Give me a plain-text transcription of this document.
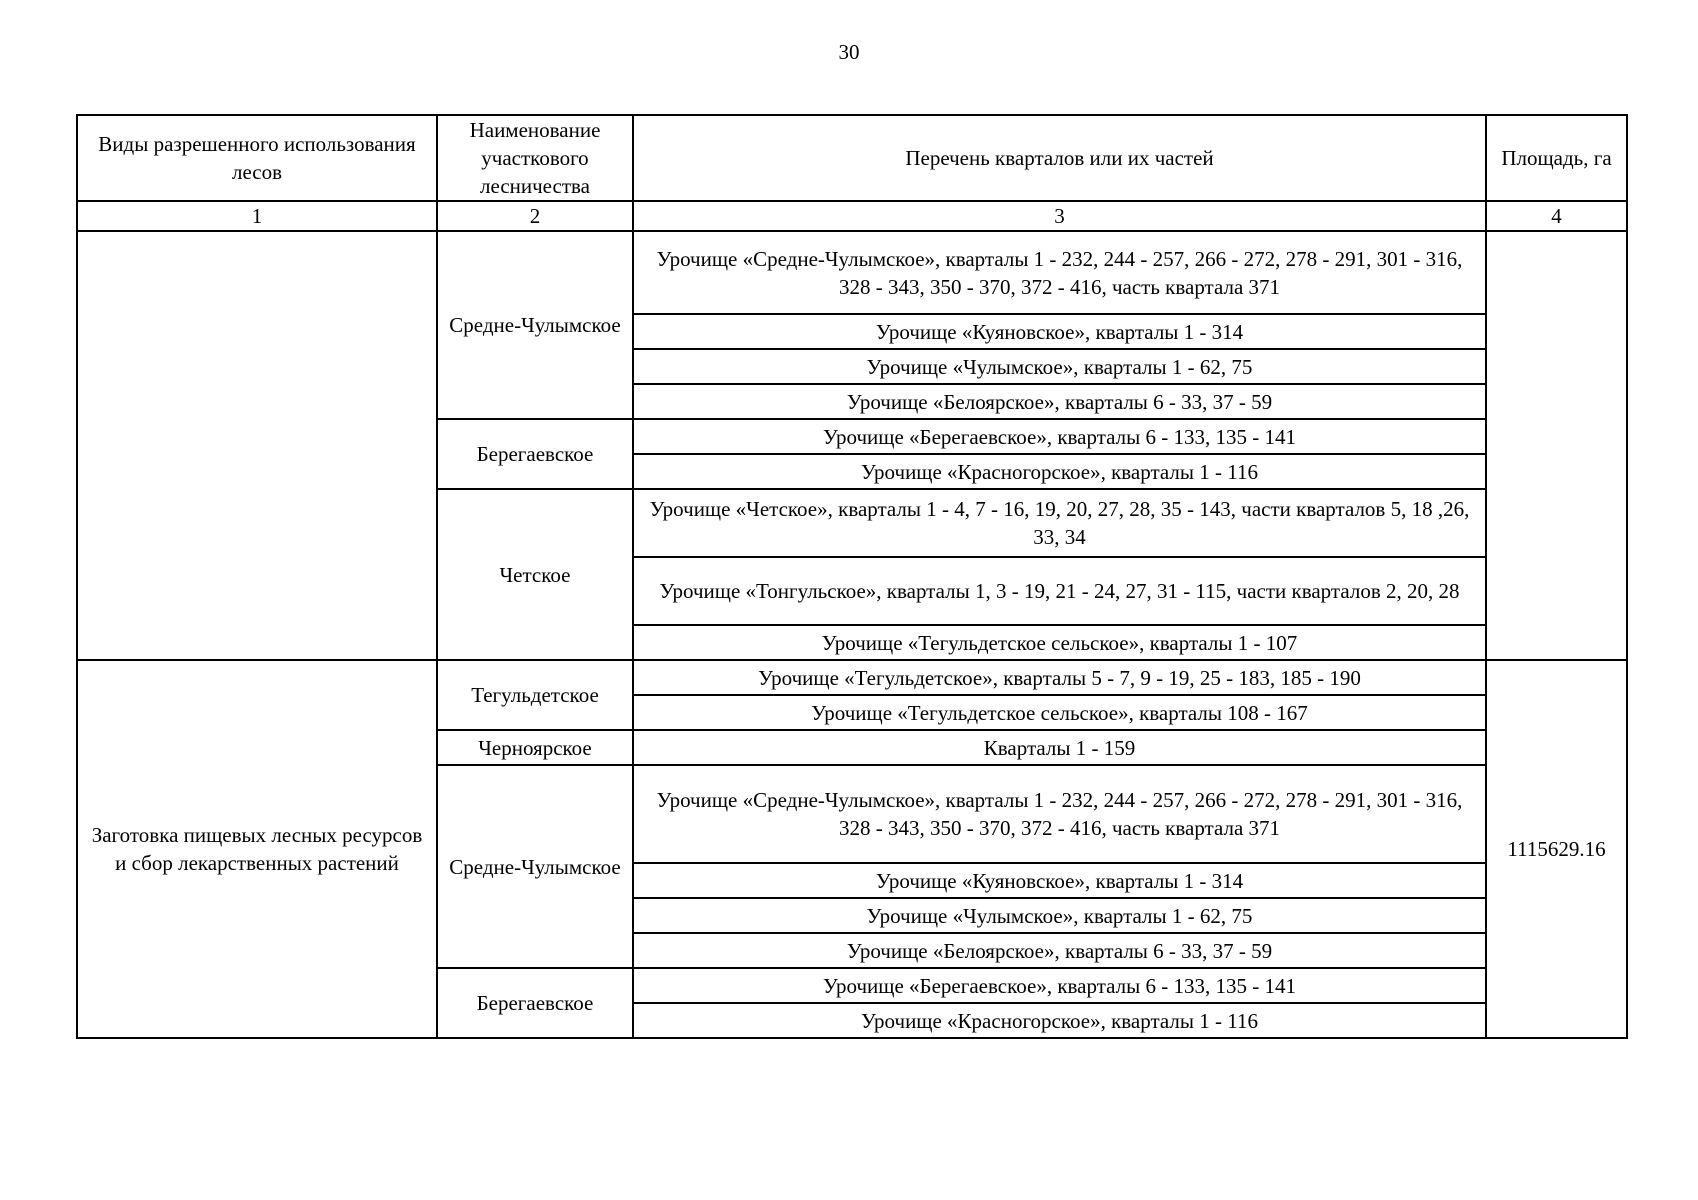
30
Виды разрешенного использования лесов	Наименование участкового лесничества	Перечень кварталов или их частей	Площадь, га
1	2	3	4
	Средне-Чулымское	Урочище «Средне-Чулымское», кварталы 1 - 232, 244 - 257, 266 - 272, 278 - 291, 301 - 316, 328 - 343, 350 - 370, 372 - 416, часть квартала 371	
		Урочище «Куяновское», кварталы 1 - 314	
		Урочище «Чулымское», кварталы 1 - 62, 75	
		Урочище «Белоярское», кварталы 6 - 33, 37 - 59	
	Берегаевское	Урочище «Берегаевское», кварталы 6 - 133, 135 - 141	
		Урочище «Красногорское», кварталы 1 - 116	
	Четское	Урочище «Четское», кварталы 1 - 4, 7 - 16, 19, 20, 27, 28, 35 - 143, части кварталов 5, 18 ,26, 33, 34	
		Урочище «Тонгульское», кварталы 1, 3 - 19, 21 - 24, 27, 31 - 115, части кварталов 2, 20, 28	
		Урочище «Тегульдетское сельское», кварталы 1 - 107	
Заготовка пищевых лесных ресурсов и сбор лекарственных растений	Тегульдетское	Урочище «Тегульдетское», кварталы 5 - 7, 9 - 19, 25 - 183, 185 - 190	1115629.16
		Урочище «Тегульдетское сельское», кварталы 108 - 167	
	Черноярское	Кварталы 1 - 159	
	Средне-Чулымское	Урочище «Средне-Чулымское», кварталы 1 - 232, 244 - 257, 266 - 272, 278 - 291, 301 - 316, 328 - 343, 350 - 370, 372 - 416, часть квартала 371	
		Урочище «Куяновское», кварталы 1 - 314	
		Урочище «Чулымское», кварталы 1 - 62, 75	
		Урочище «Белоярское», кварталы 6 - 33, 37 - 59	
	Берегаевское	Урочище «Берегаевское», кварталы 6 - 133, 135 - 141	
		Урочище «Красногорское», кварталы 1 - 116	
